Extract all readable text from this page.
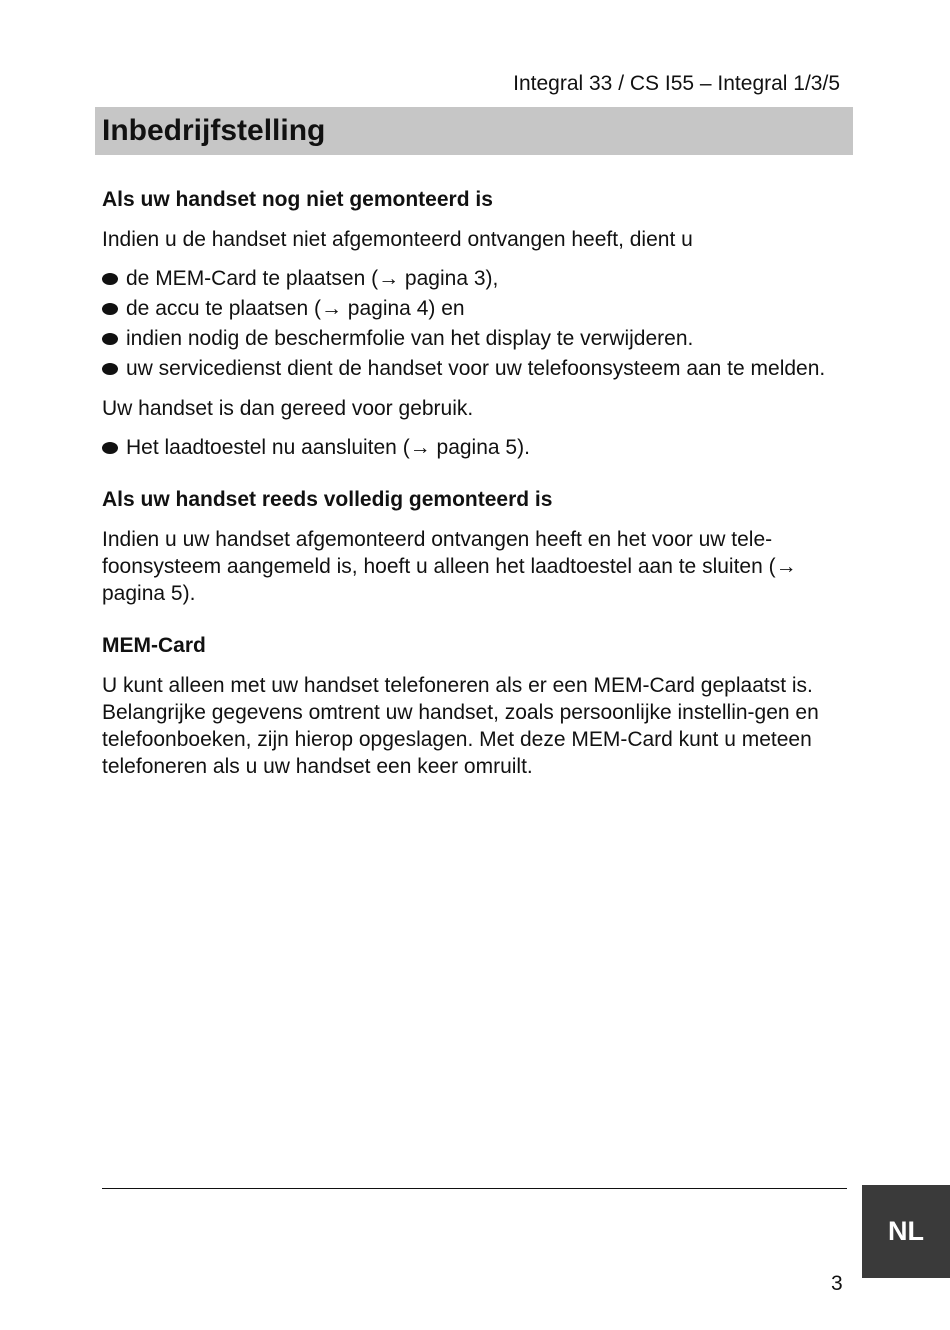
Integral 33 / CS I55 – Integral 1/3/5
Inbedrijfstelling
Als uw handset nog niet gemonteerd is

Indien u de handset niet afgemonteerd ontvangen heeft, dient u

de MEM-Card te plaatsen (→ pagina 3),
de accu te plaatsen (→ pagina 4) en
indien nodig de beschermfolie van het display te verwijderen.
uw servicedienst dient de handset voor uw telefoonsysteem aan te melden.

Uw handset is dan gereed voor gebruik.

Het laadtoestel nu aansluiten (→ pagina 5).
Als uw handset reeds volledig gemonteerd is

Indien u uw handset afgemonteerd ontvangen heeft en het voor uw tele-foonsysteem aangemeld is, hoeft u alleen het laadtoestel aan te sluiten (→ pagina 5).

MEM-Card

U kunt alleen met uw handset telefoneren als er een MEM-Card geplaatst is. Belangrijke gegevens omtrent uw handset, zoals persoonlijke instellin-gen en telefoonboeken, zijn hierop opgeslagen. Met deze MEM-Card kunt u meteen telefoneren als u uw handset een keer omruilt.

NL
3
